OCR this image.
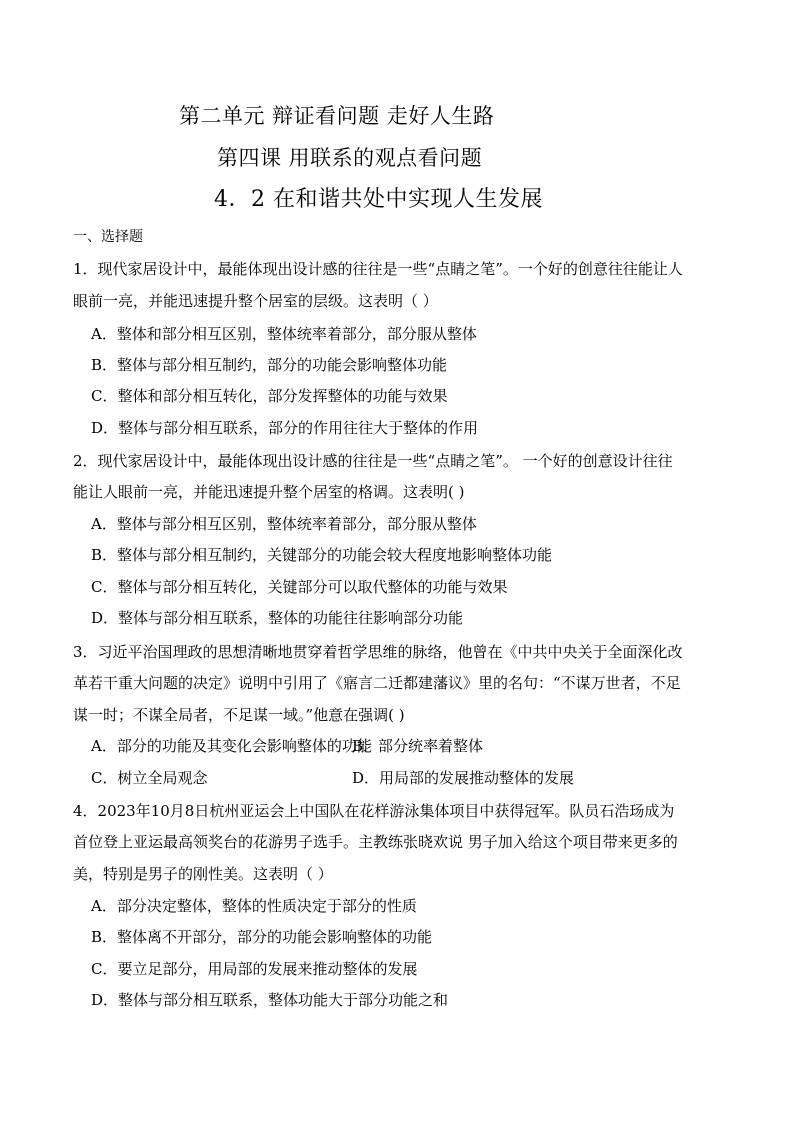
第二单元 辩证看问题 走好人生路
第四课 用联系的观点看问题
4．2 在和谐共处中实现人生发展
一、选择题
1．现代家居设计中，最能体现出设计感的往往是一些“点睛之笔”。一个好的创意往往能让人
眼前一亮，并能迅速提升整个居室的层级。这表明（ ）
A．整体和部分相互区别，整体统率着部分，部分服从整体
B．整体与部分相互制约，部分的功能会影响整体功能
C．整体和部分相互转化，部分发挥整体的功能与效果
D．整体与部分相互联系，部分的作用往往大于整体的作用
2．现代家居设计中，最能体现出设计感的往往是一些“点睛之笔”。 一个好的创意设计往往
能让人眼前一亮，并能迅速提升整个居室的格调。这表明( )
A．整体与部分相互区别，整体统率着部分，部分服从整体
B．整体与部分相互制约，关键部分的功能会较大程度地影响整体功能
C．整体与部分相互转化，关键部分可以取代整体的功能与效果
D．整体与部分相互联系，整体的功能往往影响部分功能
3．习近平治国理政的思想清晰地贯穿着哲学思维的脉络，他曾在《中共中央关于全面深化改
革若干重大问题的决定》说明中引用了《寤言二迁都建藩议》里的名句：“不谋万世者，不足
谋一时；不谋全局者，不足谋一域。”他意在强调( )
A．部分的功能及其变化会影响整体的功能
B．部分统率着整体
C．树立全局观念	D．用局部的发展推动整体的发展
4．2023年10月8日杭州亚运会上中国队在花样游泳集体项目中获得冠军。队员石浩玚成为
首位登上亚运最高领奖台的花游男子选手。主教练张晓欢说 男子加入给这个项目带来更多的
美，特别是男子的刚性美。这表明（ ）
A．部分决定整体，整体的性质决定于部分的性质
B．整体离不开部分，部分的功能会影响整体的功能
C．要立足部分，用局部的发展来推动整体的发展
D．整体与部分相互联系，整体功能大于部分功能之和
